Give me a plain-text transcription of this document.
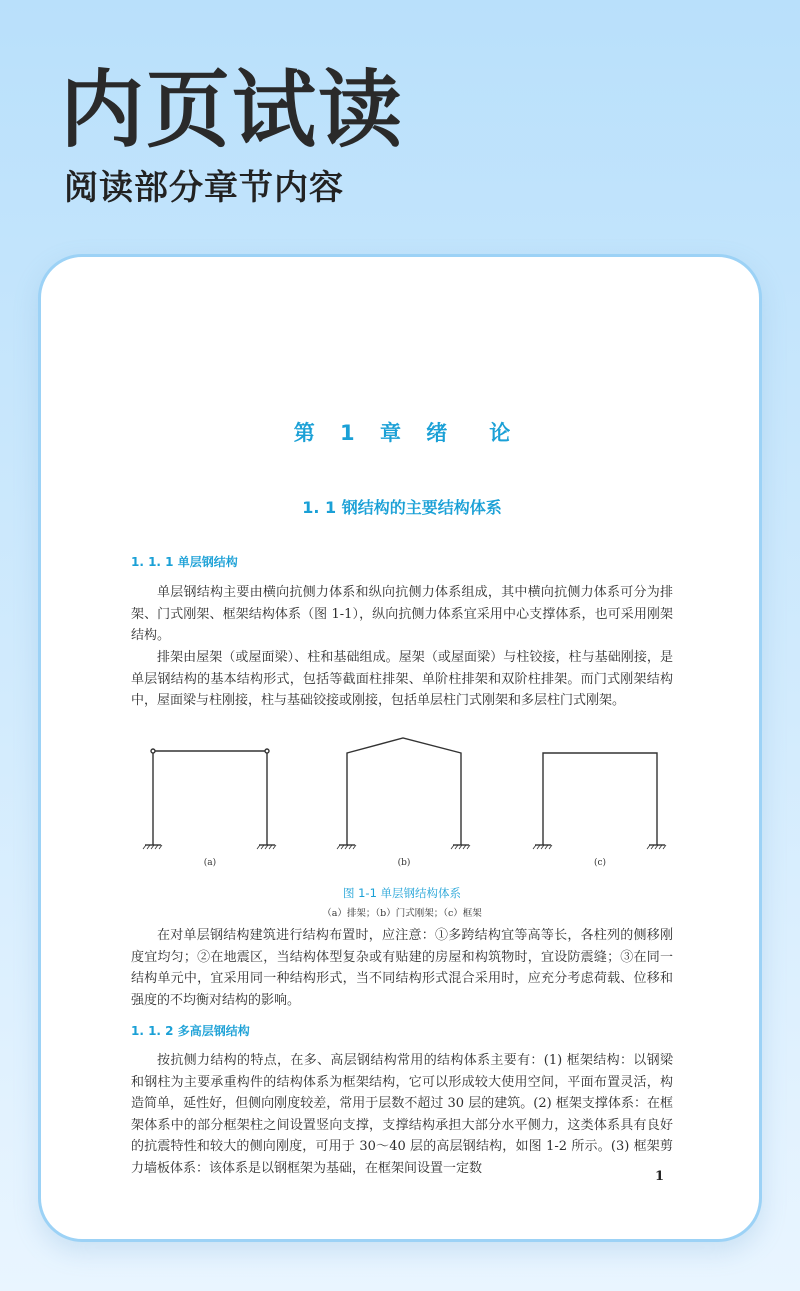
内页试读
阅读部分章节内容
第 1 章 绪　　论
1. 1 钢结构的主要结构体系

1. 1. 1 单层钢结构

单层钢结构主要由横向抗侧力体系和纵向抗侧力体系组成，其中横向抗侧力体系可分为排架、门式刚架、框架结构体系（图 1-1），纵向抗侧力体系宜采用中心支撑体系，也可采用刚架结构。

排架由屋架（或屋面梁）、柱和基础组成。屋架（或屋面梁）与柱铰接，柱与基础刚接，是单层钢结构的基本结构形式，包括等截面柱排架、单阶柱排架和双阶柱排架。而门式刚架结构中，屋面梁与柱刚接，柱与基础铰接或刚接，包括单层柱门式刚架和多层柱门式刚架。

(a)	(b)	(c)

图 1-1 单层钢结构体系

（a）排架；（b）门式刚架；（c）框架

在对单层钢结构建筑进行结构布置时，应注意：①多跨结构宜等高等长，各柱列的侧移刚度宜均匀；②在地震区，当结构体型复杂或有贴建的房屋和构筑物时，宜设防震缝；③在同一结构单元中，宜采用同一种结构形式，当不同结构形式混合采用时，应充分考虑荷载、位移和强度的不均衡对结构的影响。

1. 1. 2 多高层钢结构

按抗侧力结构的特点，在多、高层钢结构常用的结构体系主要有：(1) 框架结构：以钢梁和钢柱为主要承重构件的结构体系为框架结构，它可以形成较大使用空间，平面布置灵活，构造简单，延性好，但侧向刚度较差，常用于层数不超过 30 层的建筑。(2) 框架支撑体系：在框架体系中的部分框架柱之间设置竖向支撑，支撑结构承担大部分水平侧力，这类体系具有良好的抗震特性和较大的侧向刚度，可用于 30～40 层的高层钢结构，如图 1-2 所示。(3) 框架剪力墙板体系：该体系是以钢框架为基础，在框架间设置一定数

1
